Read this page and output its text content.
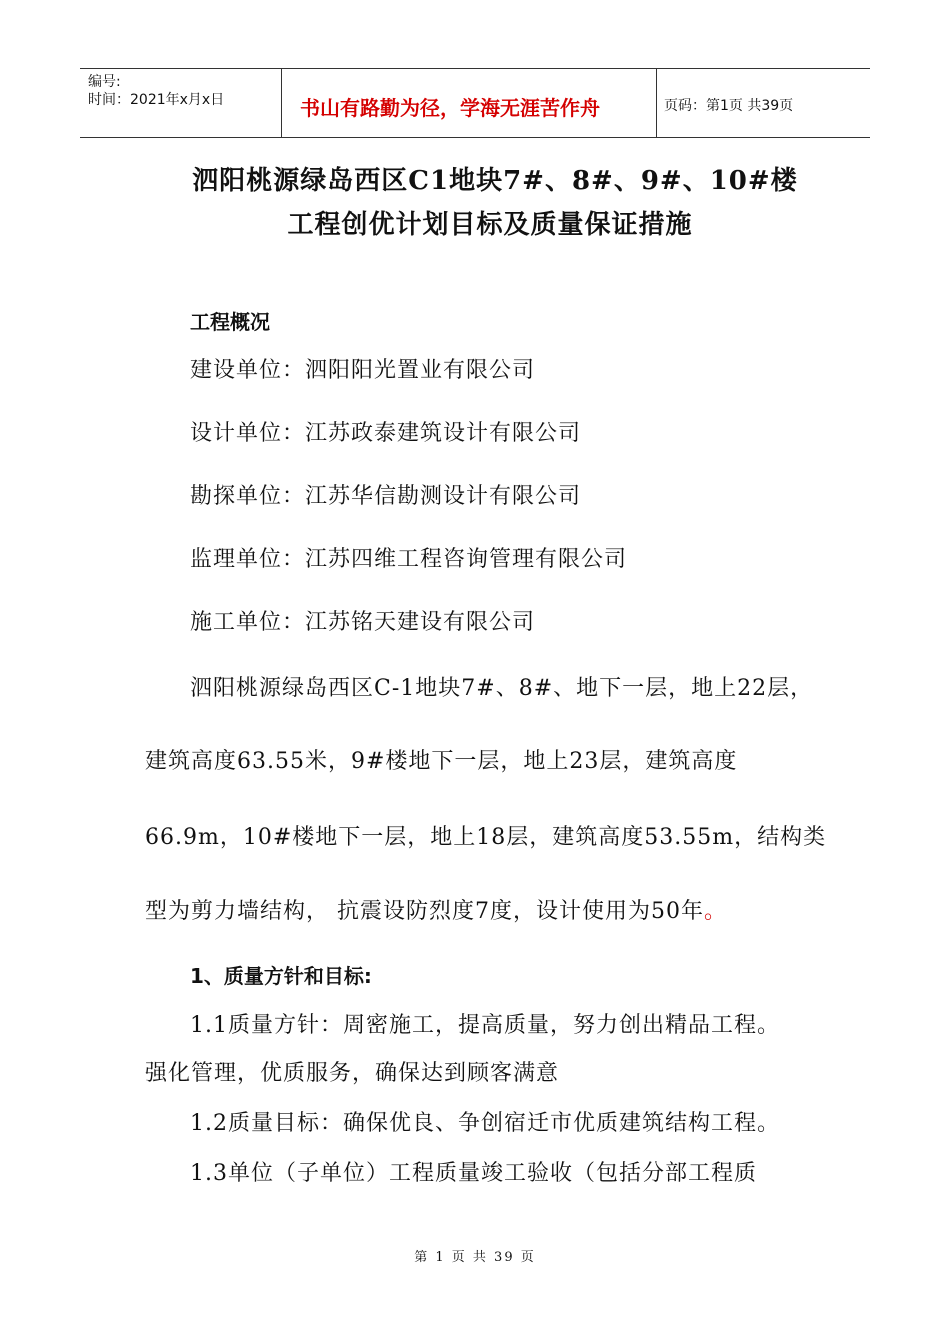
编号:
时间：2021年x月x日	书山有路勤为径，学海无涯苦作舟	页码：第1页 共39页
泗阳桃源绿岛西区C1地块7#、8#、9#、10#楼
工程创优计划目标及质量保证措施
工程概况
建设单位：泗阳阳光置业有限公司
设计单位：江苏政泰建筑设计有限公司
勘探单位：江苏华信勘测设计有限公司
监理单位：江苏四维工程咨询管理有限公司
施工单位：江苏铭天建设有限公司
泗阳桃源绿岛西区C-1地块7#、8#、地下一层，地上22层，
建筑高度63.55米，9#楼地下一层，地上23层，建筑高度
66.9m，10#楼地下一层，地上18层，建筑高度53.55m，结构类
型为剪力墙结构， 抗震设防烈度7度，设计使用为50年。
1、质量方针和目标:
1.1质量方针：周密施工，提高质量，努力创出精品工程。
强化管理，优质服务，确保达到顾客满意
1.2质量目标：确保优良、争创宿迁市优质建筑结构工程。
1.3单位（子单位）工程质量竣工验收（包括分部工程质
第 1 页 共 39 页
